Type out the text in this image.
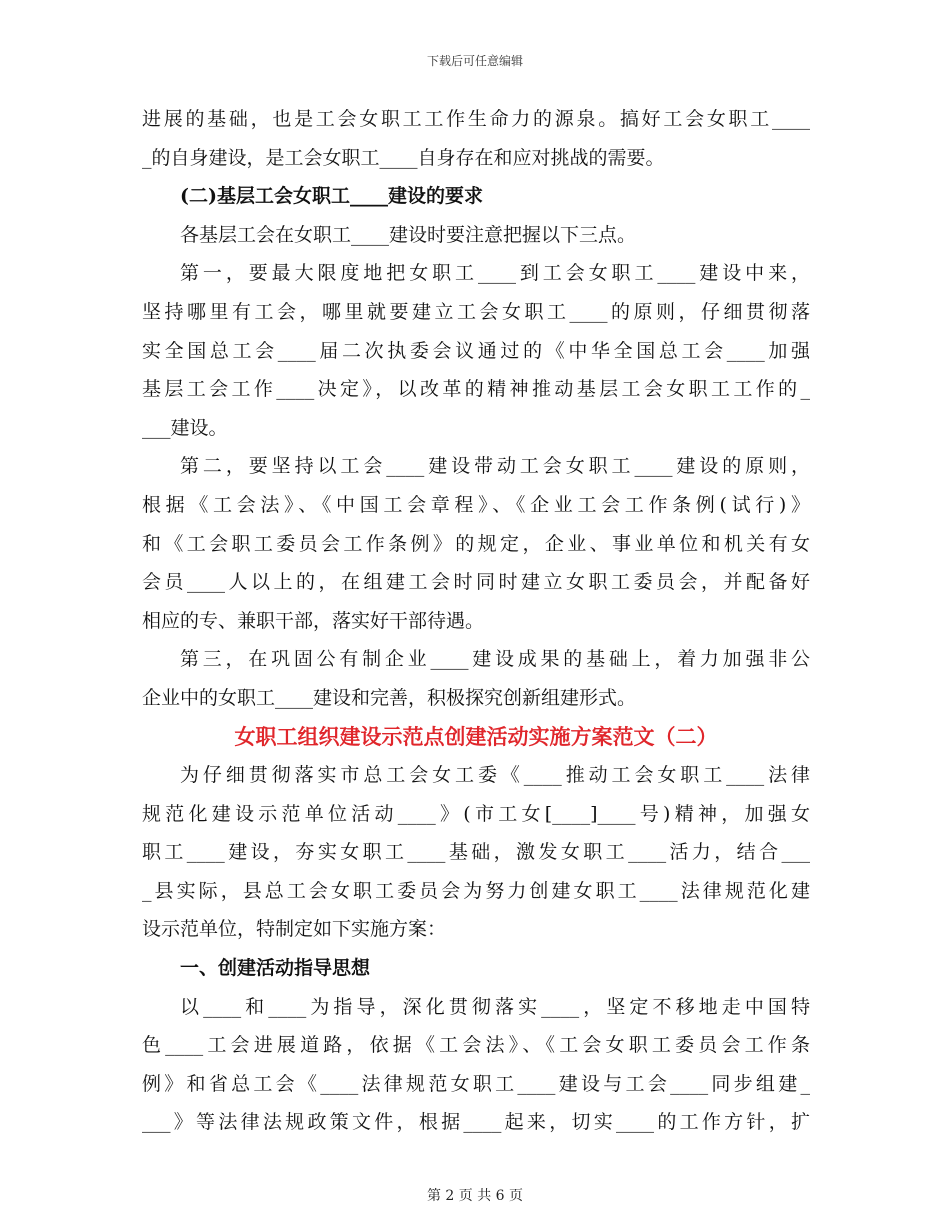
下载后可任意编辑
进展的基础，也是工会女职工工作生命力的源泉。搞好工会女职工____
_的自身建设，是工会女职工____自身存在和应对挑战的需要。
(二)基层工会女职工____建设的要求
各基层工会在女职工____建设时要注意把握以下三点。
第一，要最大限度地把女职工____到工会女职工____建设中来，
坚持哪里有工会，哪里就要建立工会女职工____的原则，仔细贯彻落
实全国总工会____届二次执委会议通过的《中华全国总工会____加强
基层工会工作____决定》，以改革的精神推动基层工会女职工工作的_
___建设。
第二，要坚持以工会____建设带动工会女职工____建设的原则，
根据《工会法》、《中国工会章程》、《企业工会工作条例(试行)》
和《工会职工委员会工作条例》的规定，企业、事业单位和机关有女
会员____人以上的，在组建工会时同时建立女职工委员会，并配备好
相应的专、兼职干部，落实好干部待遇。
第三，在巩固公有制企业____建设成果的基础上，着力加强非公
企业中的女职工____建设和完善，积极探究创新组建形式。
女职工组织建设示范点创建活动实施方案范文（二）
为仔细贯彻落实市总工会女工委《____推动工会女职工____法律
规范化建设示范单位活动____》(市工女[____]____号)精神，加强女
职工____建设，夯实女职工____基础，激发女职工____活力，结合___
_县实际，县总工会女职工委员会为努力创建女职工____法律规范化建
设示范单位，特制定如下实施方案：
一、创建活动指导思想
以____和____为指导，深化贯彻落实____，坚定不移地走中国特
色____工会进展道路，依据《工会法》、《工会女职工委员会工作条
例》和省总工会《____法律规范女职工____建设与工会____同步组建_
___》等法律法规政策文件，根据____起来，切实____的工作方针，扩
第 2 页 共 6 页
